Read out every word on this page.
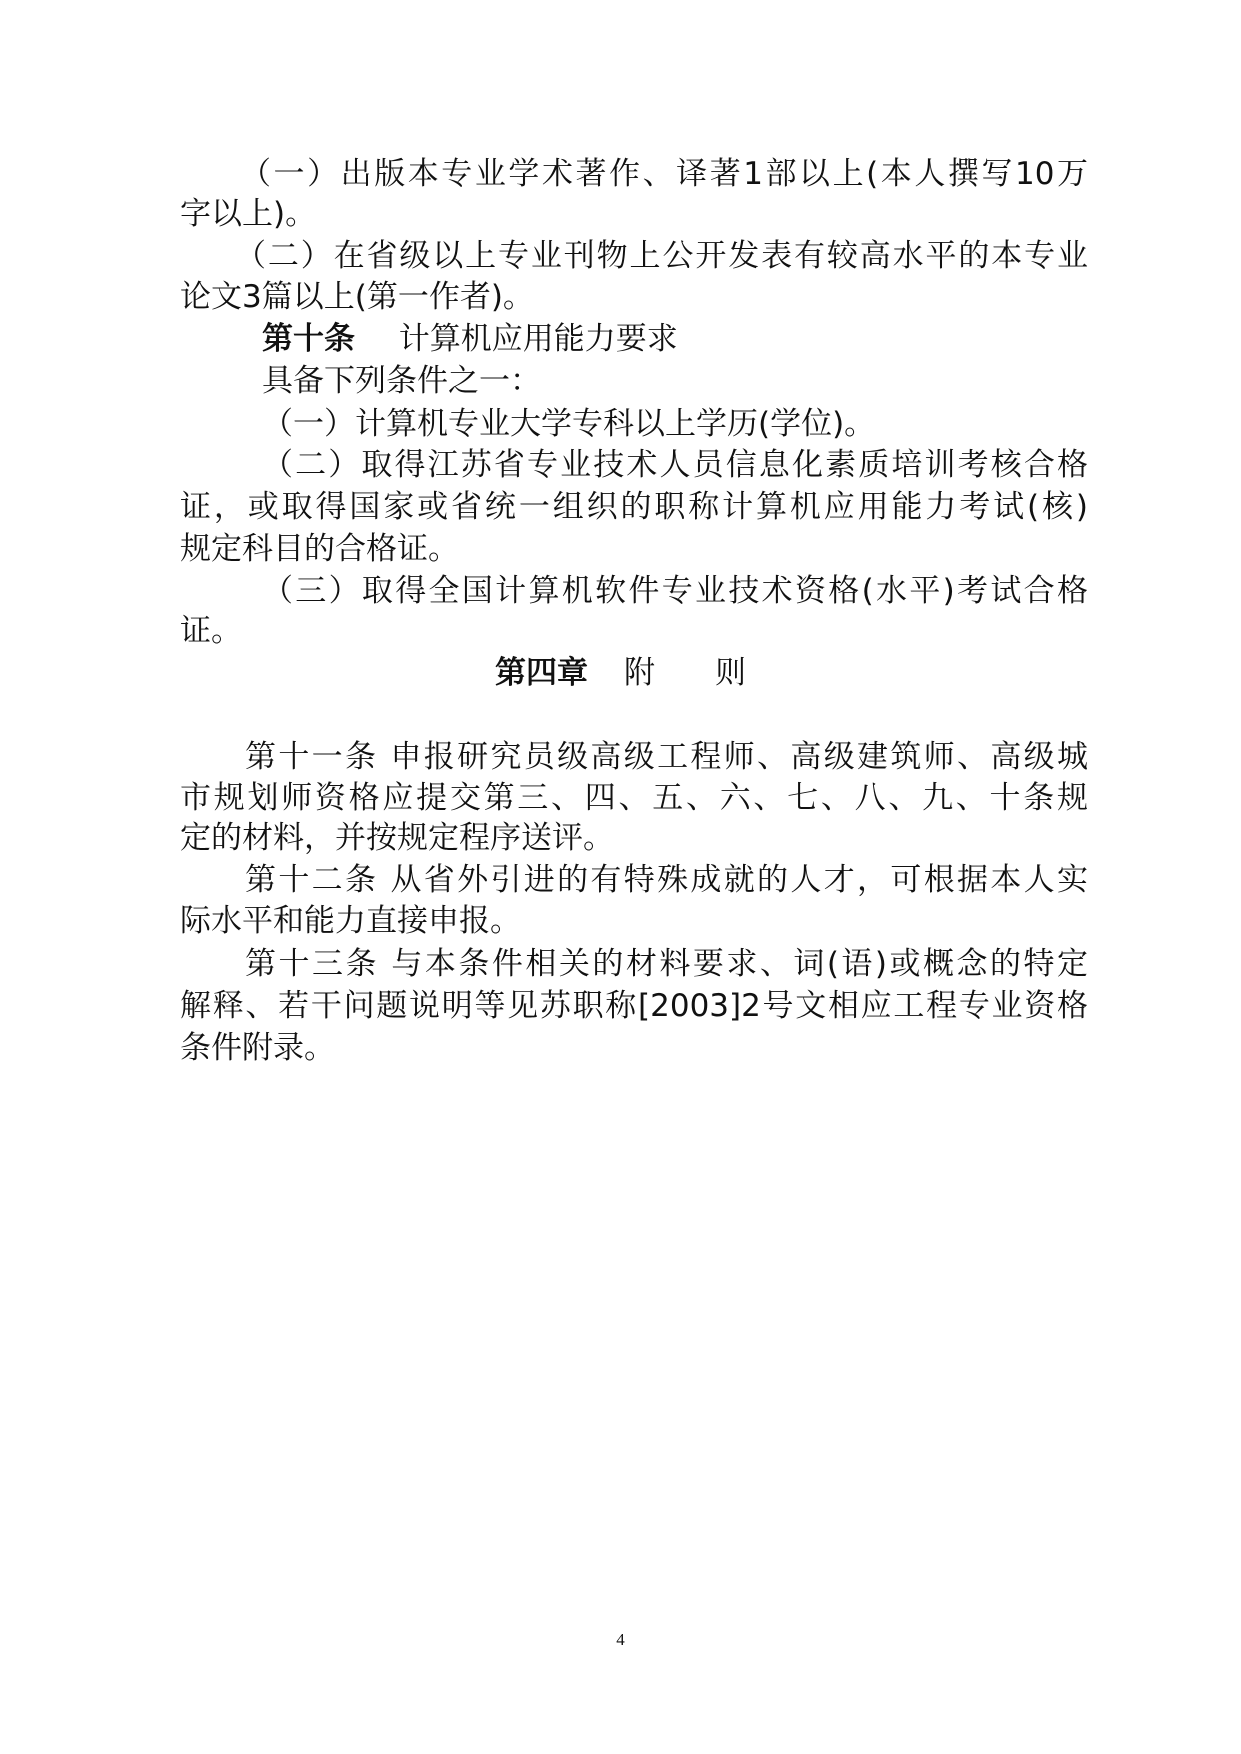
（一）出版本专业学术著作、译著1部以上(本人撰写10万
字以上)。
（二）在省级以上专业刊物上公开发表有较高水平的本专业
论文3篇以上(第一作者)。
第十条 计算机应用能力要求
具备下列条件之一：
（一）计算机专业大学专科以上学历(学位)。
（二）取得江苏省专业技术人员信息化素质培训考核合格
证，或取得国家或省统一组织的职称计算机应用能力考试(核)
规定科目的合格证。
（三）取得全国计算机软件专业技术资格(水平)考试合格
证。
第四章 附 则
第十一条 申报研究员级高级工程师、高级建筑师、高级城
市规划师资格应提交第三、四、五、六、七、八、九、十条规
定的材料，并按规定程序送评。
第十二条 从省外引进的有特殊成就的人才，可根据本人实
际水平和能力直接申报。
第十三条 与本条件相关的材料要求、词(语)或概念的特定
解释、若干问题说明等见苏职称[2003]2号文相应工程专业资格
条件附录。
4
